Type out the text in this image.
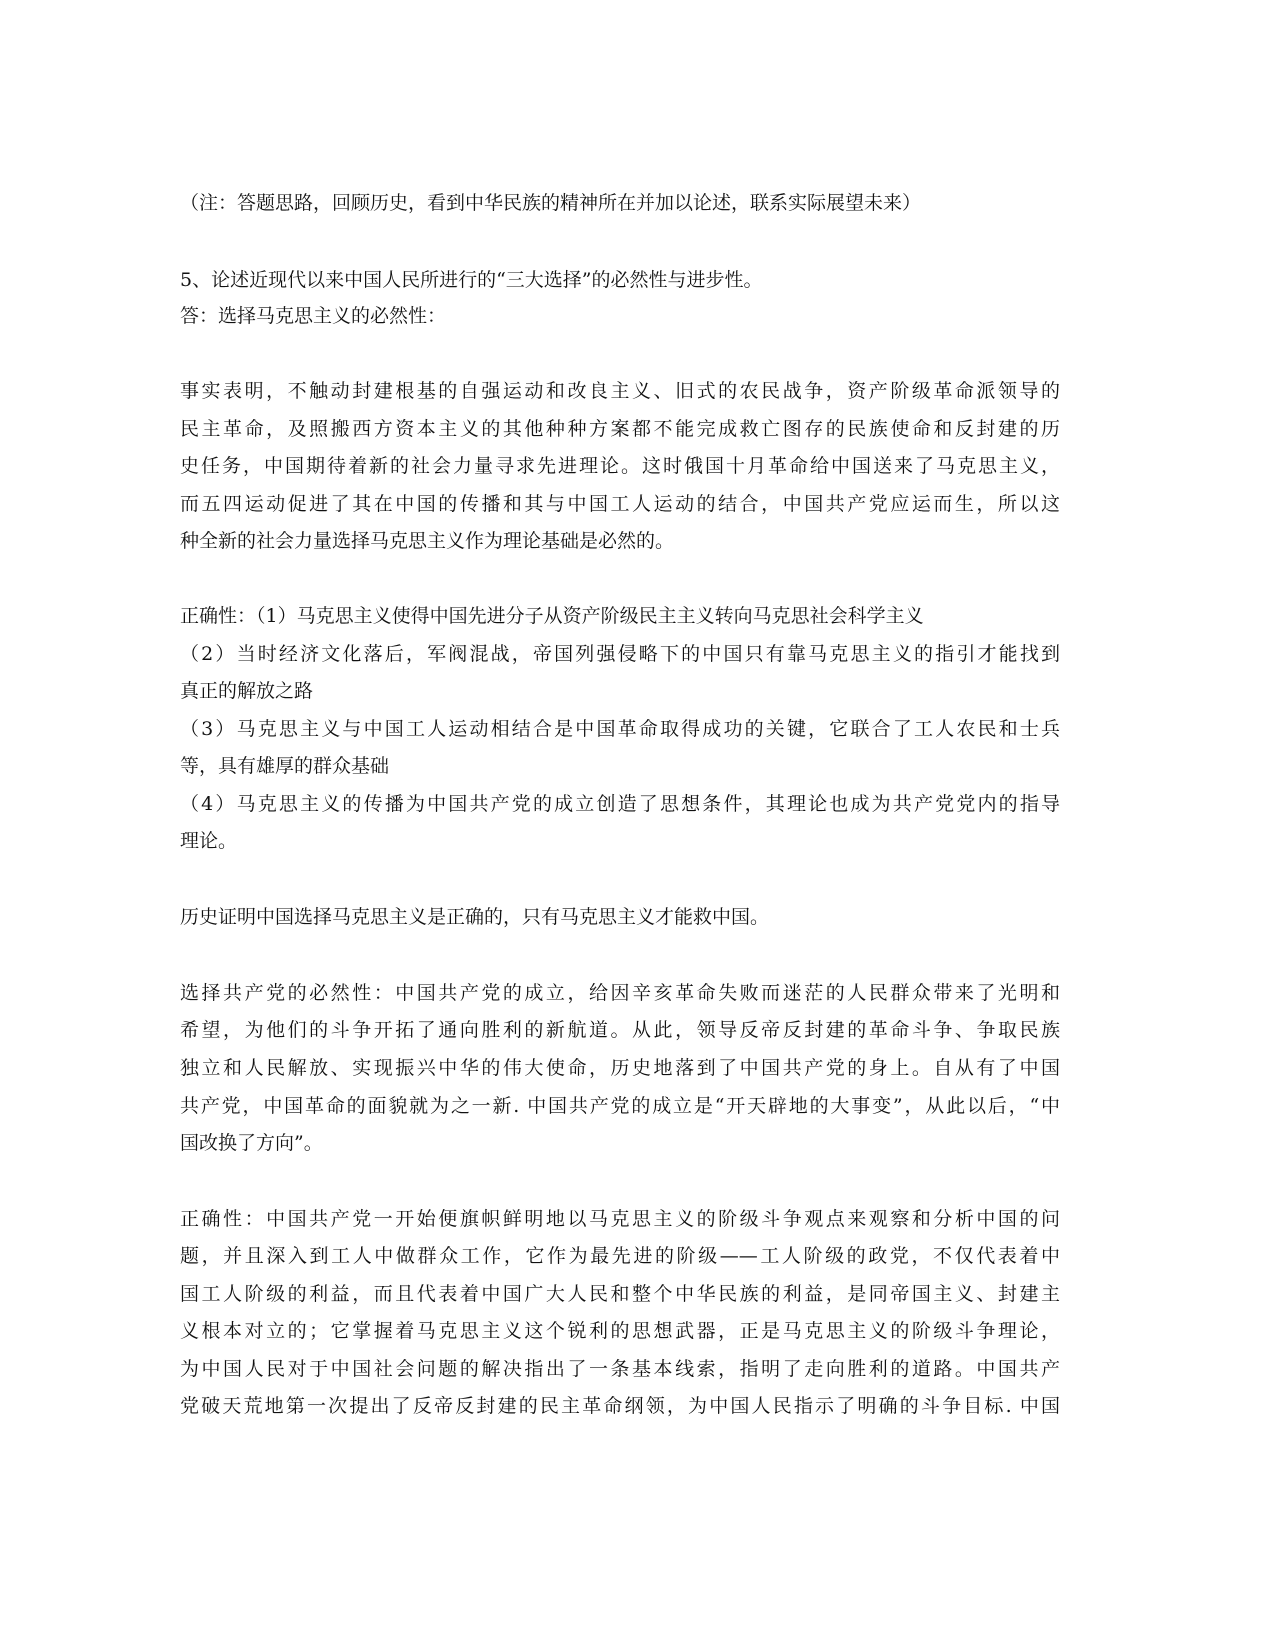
（注：答题思路，回顾历史，看到中华民族的精神所在并加以论述，联系实际展望未来）
5、论述近现代以来中国人民所进行的“三大选择”的必然性与进步性。
答：选择马克思主义的必然性：
事实表明，不触动封建根基的自强运动和改良主义、旧式的农民战争，资产阶级革命派领导的
民主革命，及照搬西方资本主义的其他种种方案都不能完成救亡图存的民族使命和反封建的历
史任务，中国期待着新的社会力量寻求先进理论。这时俄国十月革命给中国送来了马克思主义，
而五四运动促进了其在中国的传播和其与中国工人运动的结合，中国共产党应运而生，所以这
种全新的社会力量选择马克思主义作为理论基础是必然的。
正确性：（1）马克思主义使得中国先进分子从资产阶级民主主义转向马克思社会科学主义
（2）当时经济文化落后，军阀混战，帝国列强侵略下的中国只有靠马克思主义的指引才能找到
真正的解放之路
（3）马克思主义与中国工人运动相结合是中国革命取得成功的关键，它联合了工人农民和士兵
等，具有雄厚的群众基础
（4）马克思主义的传播为中国共产党的成立创造了思想条件，其理论也成为共产党党内的指导
理论。
历史证明中国选择马克思主义是正确的，只有马克思主义才能救中国。
选择共产党的必然性：中国共产党的成立，给因辛亥革命失败而迷茫的人民群众带来了光明和
希望，为他们的斗争开拓了通向胜利的新航道。从此，领导反帝反封建的革命斗争、争取民族
独立和人民解放、实现振兴中华的伟大使命，历史地落到了中国共产党的身上。自从有了中国
共产党，中国革命的面貌就为之一新. 中国共产党的成立是“开天辟地的大事变”，从此以后，“中
国改换了方向”。
正确性：中国共产党一开始便旗帜鲜明地以马克思主义的阶级斗争观点来观察和分析中国的问
题，并且深入到工人中做群众工作，它作为最先进的阶级——工人阶级的政党，不仅代表着中
国工人阶级的利益，而且代表着中国广大人民和整个中华民族的利益，是同帝国主义、封建主
义根本对立的；它掌握着马克思主义这个锐利的思想武器，正是马克思主义的阶级斗争理论，
为中国人民对于中国社会问题的解决指出了一条基本线索，指明了走向胜利的道路。中国共产
党破天荒地第一次提出了反帝反封建的民主革命纲领，为中国人民指示了明确的斗争目标. 中国
